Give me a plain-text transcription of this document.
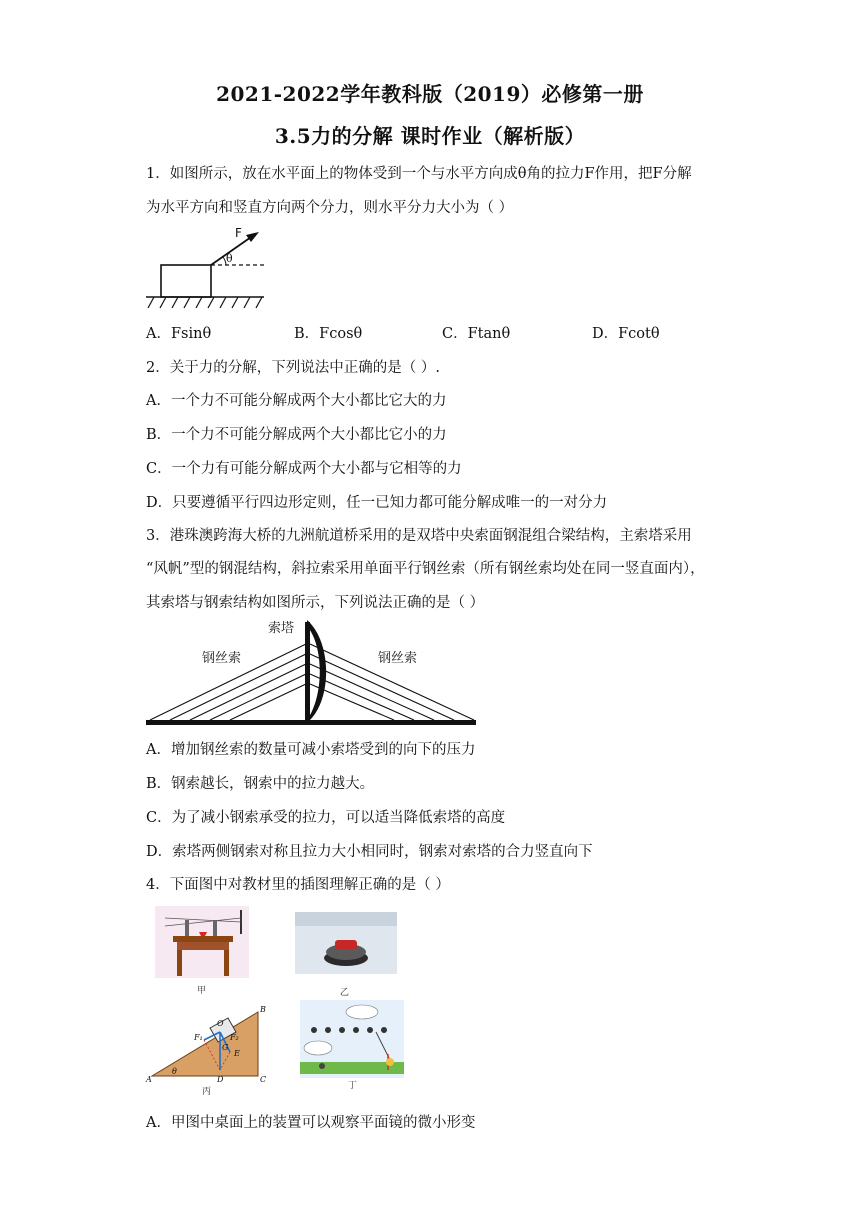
2021-2022学年教科版（2019）必修第一册
3.5力的分解 课时作业（解析版）
1．如图所示，放在水平面上的物体受到一个与水平方向成θ角的拉力F作用，把F分解
为水平方向和竖直方向两个分力，则水平分力大小为（ ）
θ
F
A．Fsinθ	B．Fcosθ	C．Ftanθ	D．Fcotθ
2．关于力的分解，下列说法中正确的是（ ）.
A．一个力不可能分解成两个大小都比它大的力
B．一个力不可能分解成两个大小都比它小的力
C．一个力有可能分解成两个大小都与它相等的力
D．只要遵循平行四边形定则，任一已知力都可能分解成唯一的一对分力
3．港珠澳跨海大桥的九洲航道桥采用的是双塔中央索面钢混组合梁结构，主索塔采用
“风帆”型的钢混结构，斜拉索采用单面平行钢丝索（所有钢丝索均处在同一竖直面内），
其索塔与钢索结构如图所示，下列说法正确的是（ ）
索塔
钢丝索	钢丝索
A．增加钢丝索的数量可减小索塔受到的向下的压力
B．钢索越长，钢索中的拉力越大。
C．为了减小钢索承受的拉力，可以适当降低索塔的高度
D．索塔两侧钢索对称且拉力大小相同时，钢索对索塔的合力竖直向下
4．下面图中对教材里的插图理解正确的是（ ）
甲	乙
A
B
C
D
O
E
G
F₁	F₂
θ
丙
丁
A．甲图中桌面上的装置可以观察平面镜的微小形变
